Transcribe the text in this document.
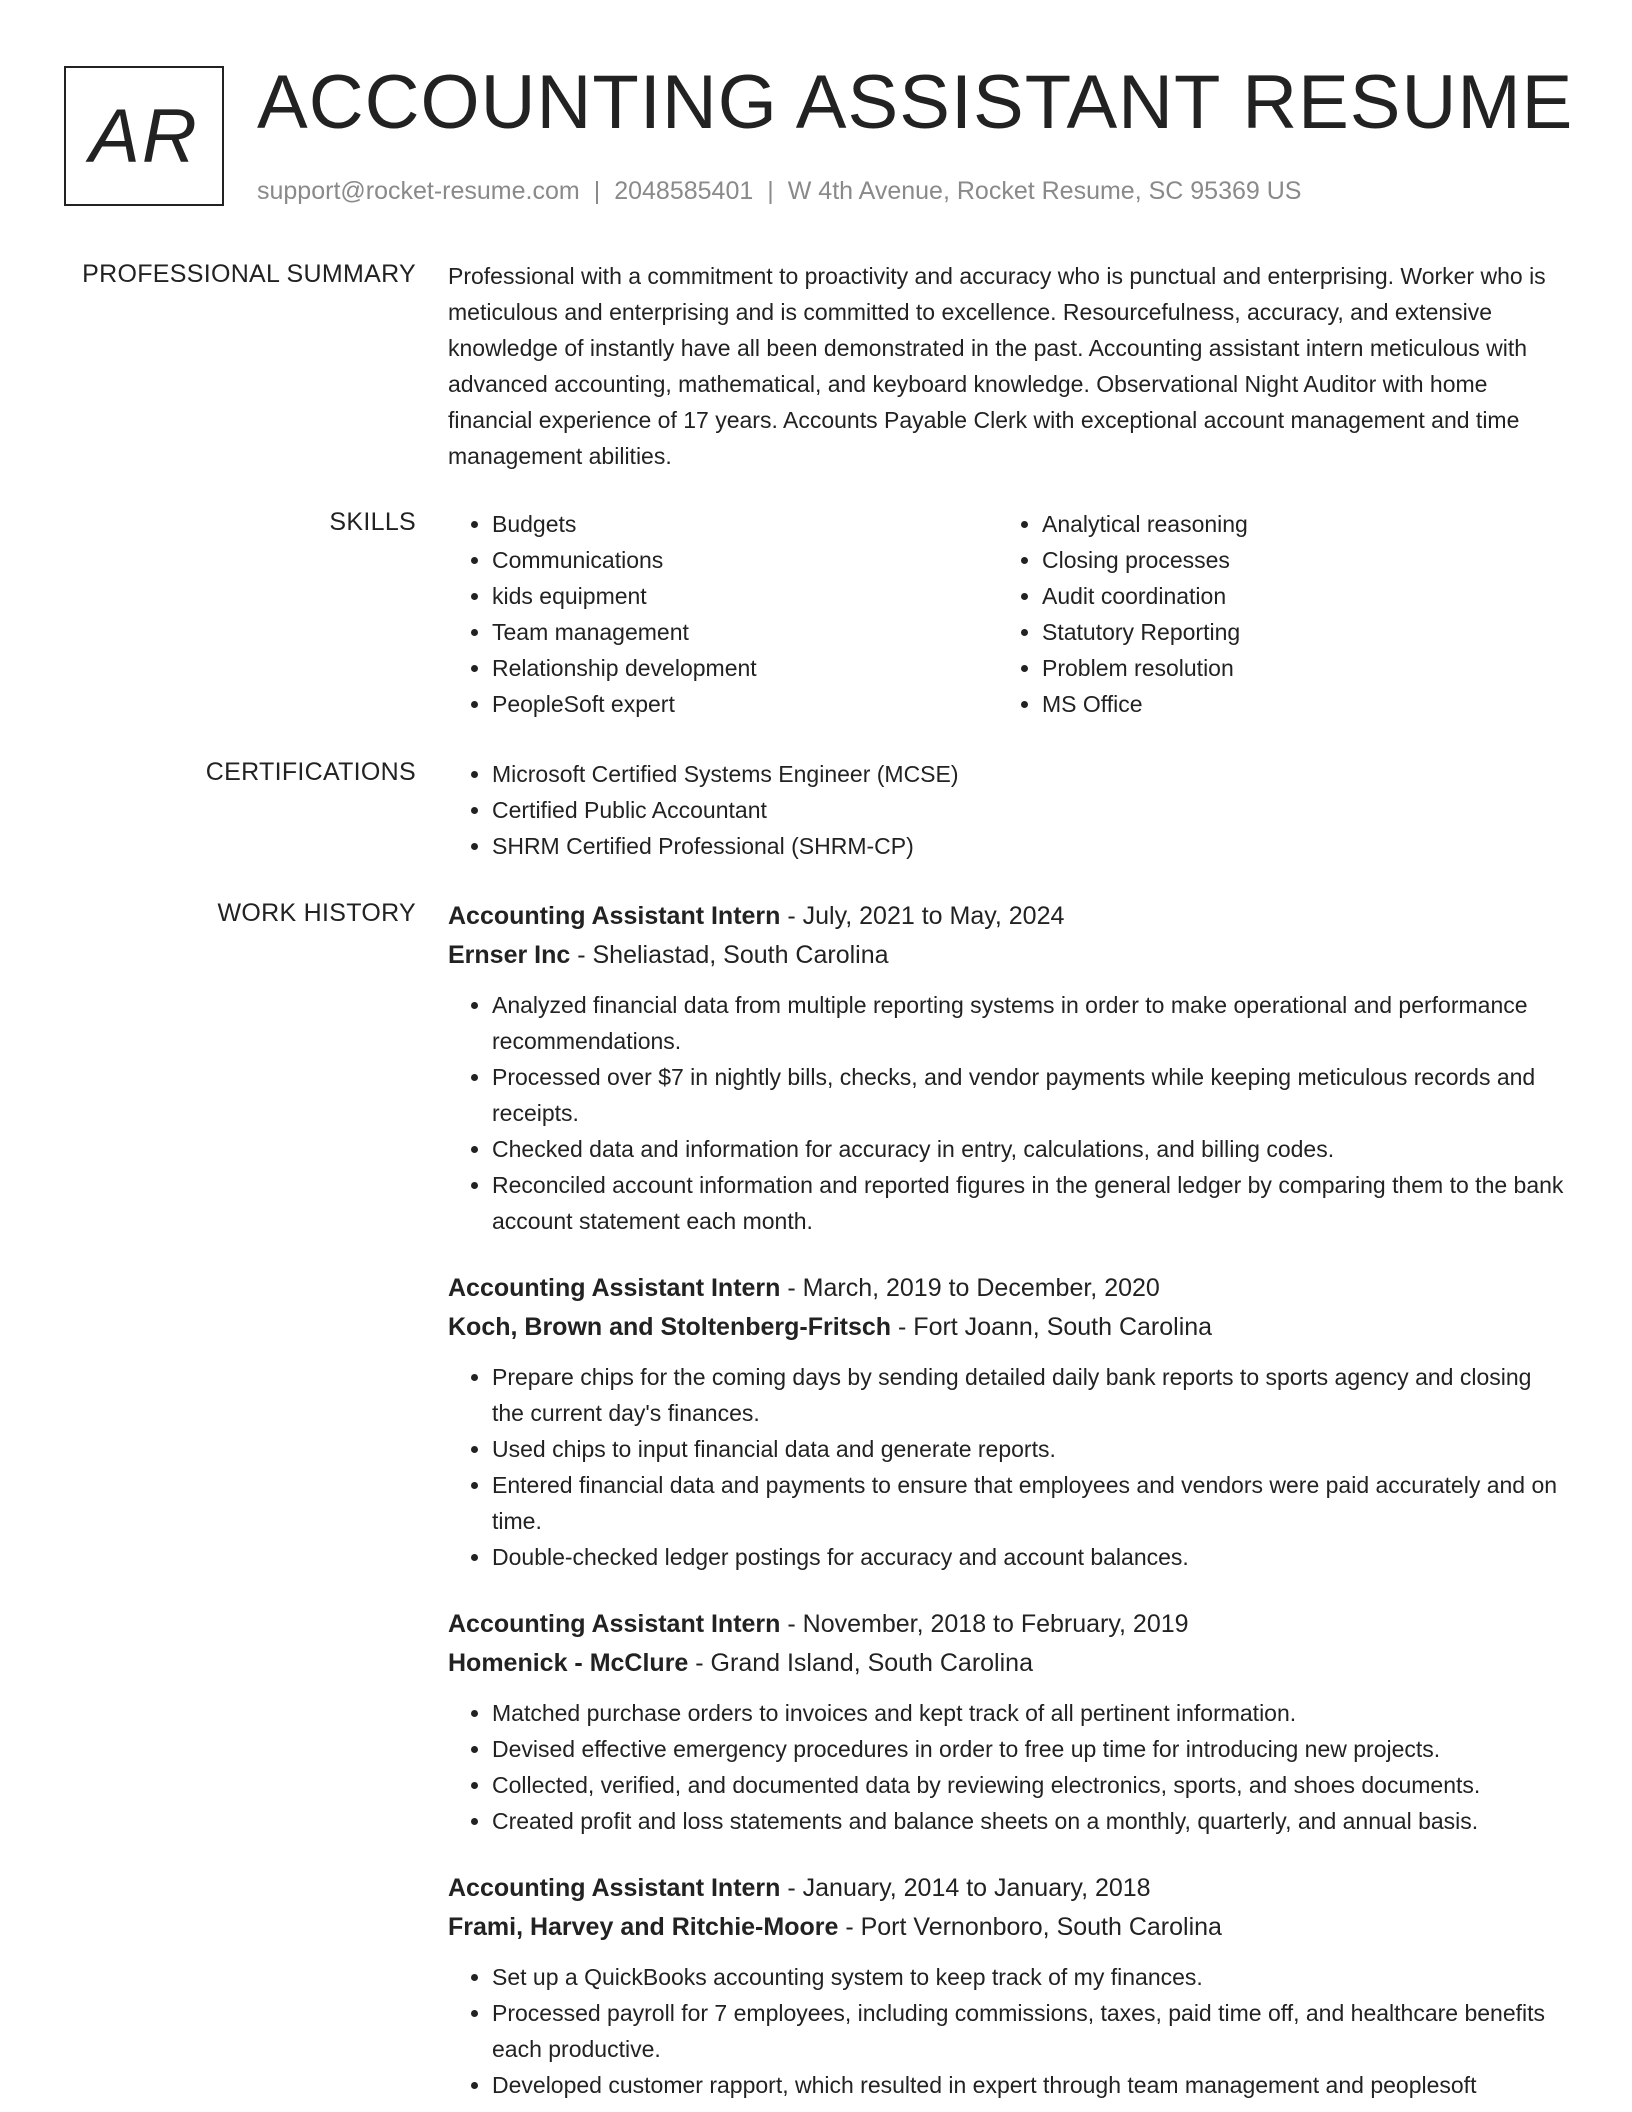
AR ACCOUNTING ASSISTANT RESUME
support@rocket-resume.com | 2048585401 | W 4th Avenue, Rocket Resume, SC 95369 US
PROFESSIONAL SUMMARY Professional with a commitment to proactivity and accuracy who is punctual and enterprising. Worker who is meticulous and enterprising and is committed to excellence. Resourcefulness, accuracy, and extensive knowledge of instantly have all been demonstrated in the past. Accounting assistant intern meticulous with advanced accounting, mathematical, and keyboard knowledge. Observational Night Auditor with home financial experience of 17 years. Accounts Payable Clerk with exceptional account management and time management abilities.

SKILLS	• Budgets
• Communications
• kids equipment
• Team management
• Relationship development
• PeopleSoft expert
• Analytical reasoning
• Closing processes
• Audit coordination
• Statutory Reporting
• Problem resolution
• MS Office
CERTIFICATIONS	• Microsoft Certified Systems Engineer (MCSE)
• Certified Public Accountant
• SHRM Certified Professional (SHRM-CP)
WORK HISTORY Accounting Assistant Intern - July, 2021 to May, 2024
Ernser Inc - Sheliastad, South Carolina
• Analyzed financial data from multiple reporting systems in order to make operational and performance recommendations.
• Processed over $7 in nightly bills, checks, and vendor payments while keeping meticulous records and receipts.
• Checked data and information for accuracy in entry, calculations, and billing codes.
• Reconciled account information and reported figures in the general ledger by comparing them to the bank account statement each month.
Accounting Assistant Intern - March, 2019 to December, 2020
Koch, Brown and Stoltenberg-Fritsch - Fort Joann, South Carolina
• Prepare chips for the coming days by sending detailed daily bank reports to sports agency and closing the current day's finances.
• Used chips to input financial data and generate reports.
• Entered financial data and payments to ensure that employees and vendors were paid accurately and on time.
• Double-checked ledger postings for accuracy and account balances.
Accounting Assistant Intern - November, 2018 to February, 2019
Homenick - McClure - Grand Island, South Carolina
• Matched purchase orders to invoices and kept track of all pertinent information.
• Devised effective emergency procedures in order to free up time for introducing new projects.
• Collected, verified, and documented data by reviewing electronics, sports, and shoes documents.
• Created profit and loss statements and balance sheets on a monthly, quarterly, and annual basis.
Accounting Assistant Intern - January, 2014 to January, 2018
Frami, Harvey and Ritchie-Moore - Port Vernonboro, South Carolina
• Set up a QuickBooks accounting system to keep track of my finances.
• Processed payroll for 7 employees, including commissions, taxes, paid time off, and healthcare benefits each productive.
• Developed customer rapport, which resulted in expert through team management and peoplesoft
